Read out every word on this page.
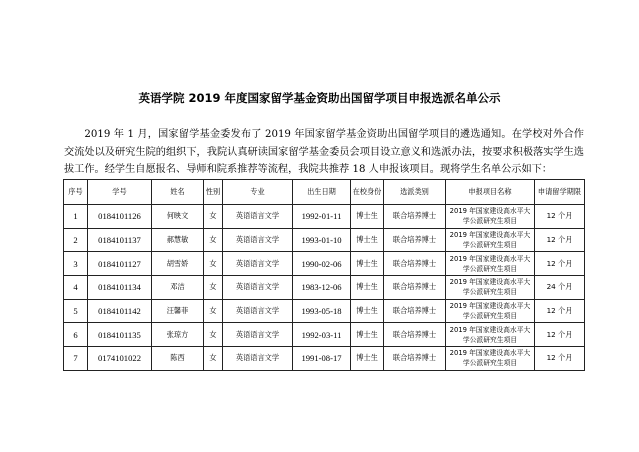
英语学院 2019 年度国家留学基金资助出国留学项目申报选派名单公示
2019 年 1 月，国家留学基金委发布了 2019 年国家留学基金资助出国留学项目的遴选通知。在学校对外合作交流处以及研究生院的组织下，我院认真研读国家留学基金委员会项目设立意义和选派办法，按要求积极落实学生选拔工作。经学生自愿报名、导师和院系推荐等流程，我院共推荐 18 人申报该项目。现将学生名单公示如下：
序号	学号	姓名	性别	专业	出生日期	在校身份	选派类别	申报项目名称	申请留学期限
1	0184101126	何映文	女	英语语言文学	1992-01-11	博士生	联合培养博士	2019 年国家建设高水平大学公派研究生项目	12 个月
2	0184101137	郝慧敏	女	英语语言文学	1993-01-10	博士生	联合培养博士	2019 年国家建设高水平大学公派研究生项目	12 个月
3	0184101127	胡雪娇	女	英语语言文学	1990-02-06	博士生	联合培养博士	2019 年国家建设高水平大学公派研究生项目	12 个月
4	0184101134	邓洁	女	英语语言文学	1983-12-06	博士生	联合培养博士	2019 年国家建设高水平大学公派研究生项目	24 个月
5	0184101142	汪馨菲	女	英语语言文学	1993-05-18	博士生	联合培养博士	2019 年国家建设高水平大学公派研究生项目	12 个月
6	0184101135	张琼方	女	英语语言文学	1992-03-11	博士生	联合培养博士	2019 年国家建设高水平大学公派研究生项目	12 个月
7	0174101022	陈西	女	英语语言文学	1991-08-17	博士生	联合培养博士	2019 年国家建设高水平大学公派研究生项目	12 个月
